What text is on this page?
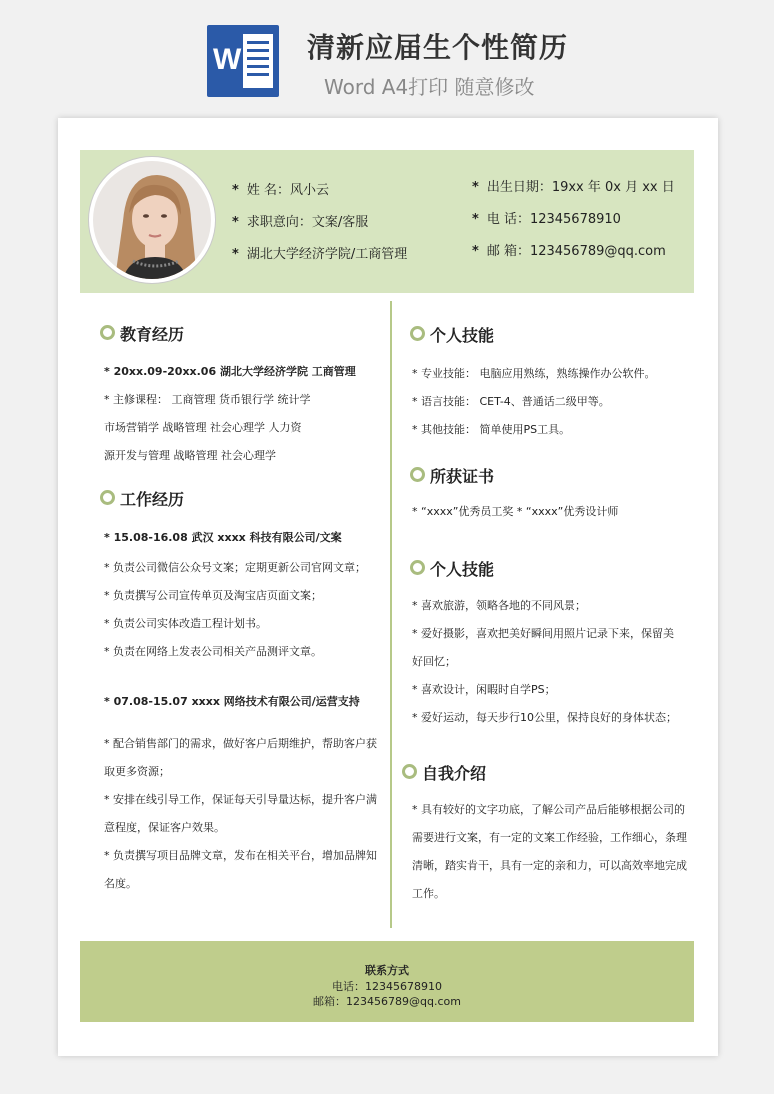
W 清新应届生个性简历
Word A4打印 随意修改
* 姓 名：风小云
* 求职意向：文案/客服
* 湖北大学经济学院/工商管理
* 出生日期：19xx 年 0x 月 xx 日
* 电 话：12345678910
* 邮 箱：123456789@qq.com
教育经历
* 20xx.09-20xx.06 湖北大学经济学院 工商管理
* 主修课程： 工商管理 货币银行学 统计学
市场营销学 战略管理 社会心理学 人力资
源开发与管理 战略管理 社会心理学
工作经历
* 15.08-16.08 武汉 xxxx 科技有限公司/文案
* 负责公司微信公众号文案；定期更新公司官网文章；
* 负责撰写公司宣传单页及淘宝店页面文案；
* 负责公司实体改造工程计划书。
* 负责在网络上发表公司相关产品测评文章。
* 07.08-15.07 xxxx 网络技术有限公司/运营支持
* 配合销售部门的需求，做好客户后期维护，帮助客户获
取更多资源；
* 安排在线引导工作，保证每天引导量达标，提升客户满
意程度，保证客户效果。
* 负责撰写项目品牌文章，发布在相关平台，增加品牌知
名度。
个人技能
* 专业技能： 电脑应用熟练，熟练操作办公软件。
* 语言技能： CET-4、普通话二级甲等。
* 其他技能： 简单使用PS工具。
所获证书
* “xxxx”优秀员工奖 * “xxxx”优秀设计师
个人技能
* 喜欢旅游，领略各地的不同风景；
* 爱好摄影，喜欢把美好瞬间用照片记录下来，保留美
好回忆；
* 喜欢设计，闲暇时自学PS；
* 爱好运动，每天步行10公里，保持良好的身体状态；
自我介绍
* 具有较好的文字功底，了解公司产品后能够根据公司的
需要进行文案，有一定的文案工作经验，工作细心，条理
清晰，踏实肯干，具有一定的亲和力，可以高效率地完成
工作。
联系方式
电话：12345678910
邮箱：123456789@qq.com
